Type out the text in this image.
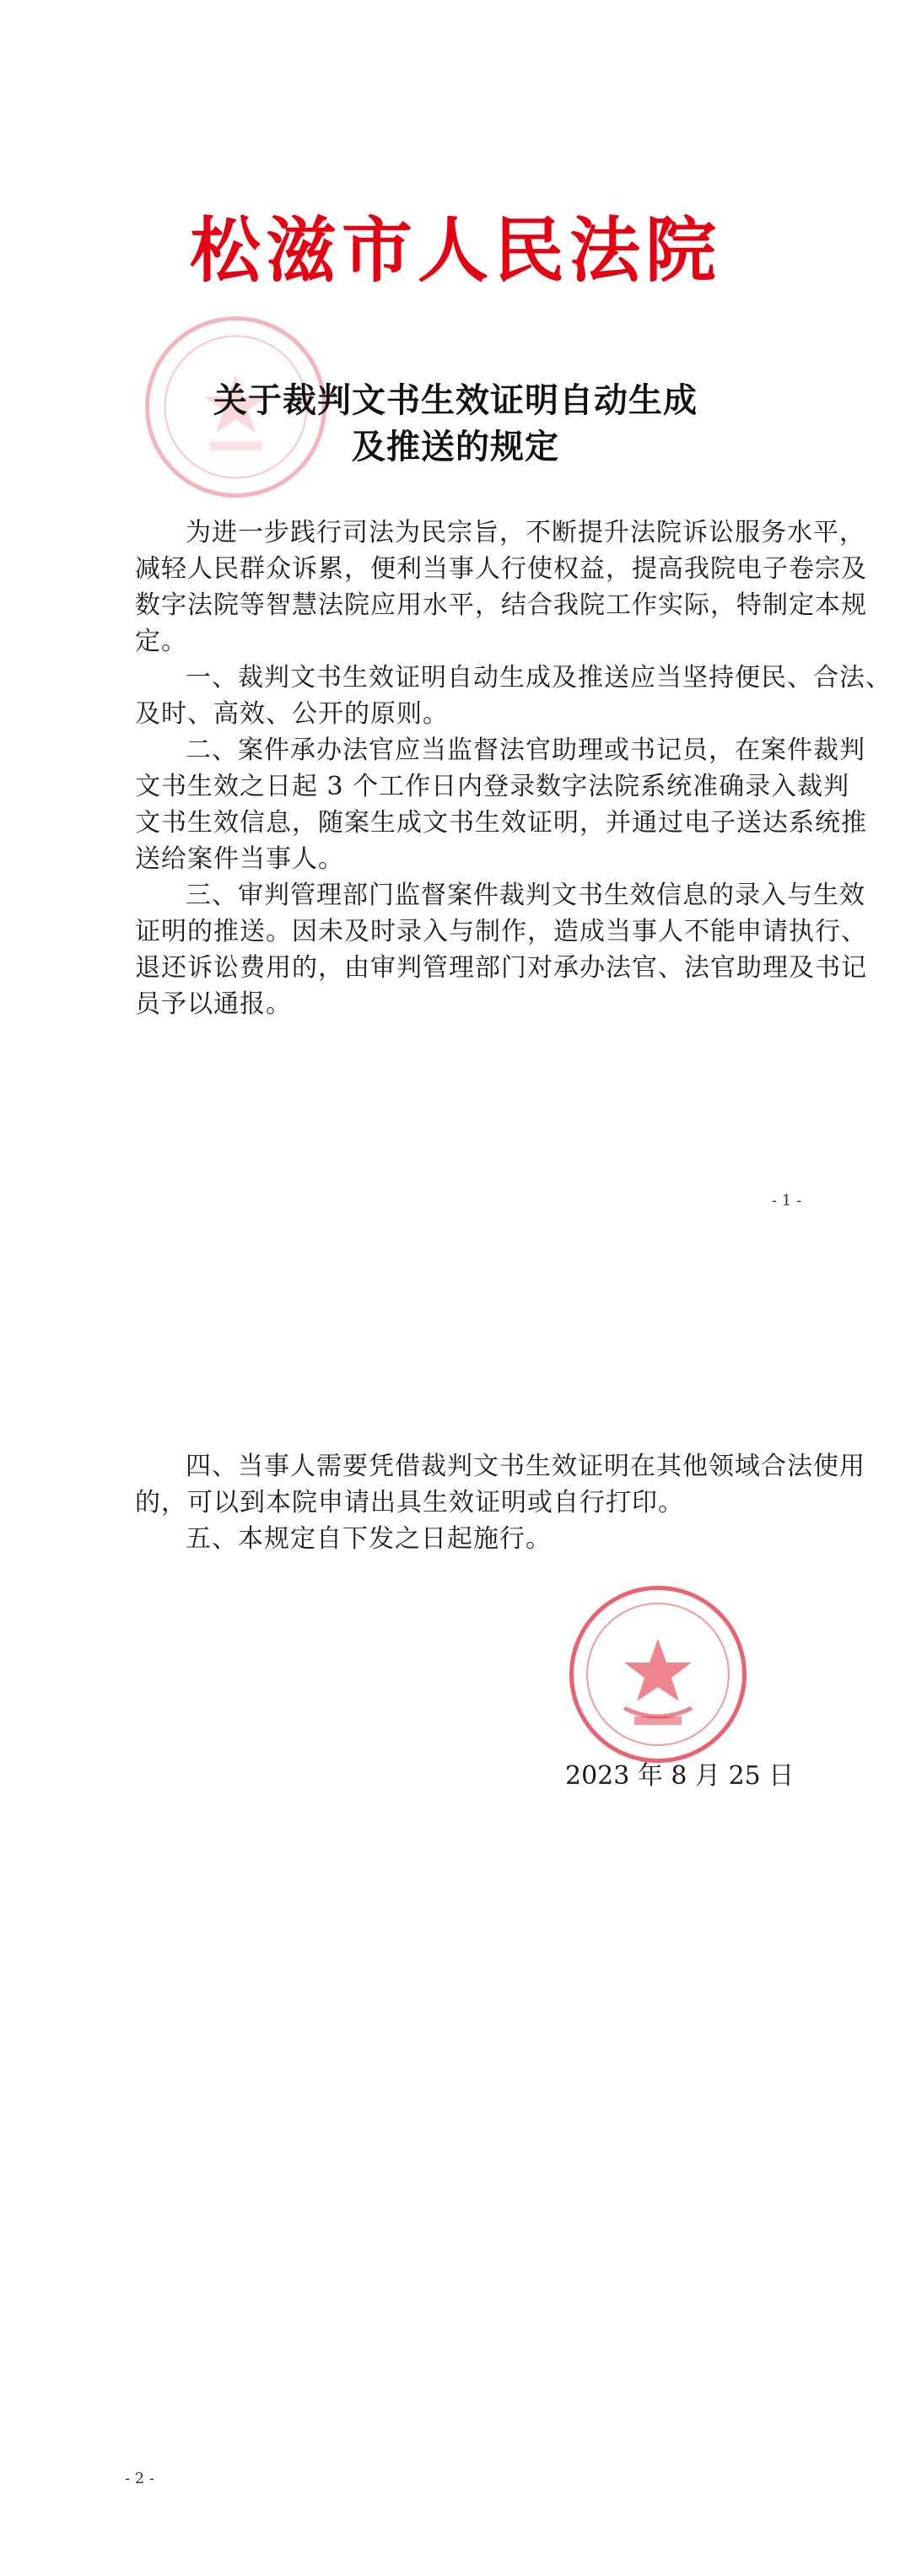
松滋市人民法院
关于裁判文书生效证明自动生成
及推送的规定
为进一步践行司法为民宗旨，不断提升法院诉讼服务水平，
减轻人民群众诉累，便利当事人行使权益，提高我院电子卷宗及
数字法院等智慧法院应用水平，结合我院工作实际，特制定本规
定。
一、裁判文书生效证明自动生成及推送应当坚持便民、合法、
及时、高效、公开的原则。
二、案件承办法官应当监督法官助理或书记员，在案件裁判
文书生效之日起 3 个工作日内登录数字法院系统准确录入裁判
文书生效信息，随案生成文书生效证明，并通过电子送达系统推
送给案件当事人。
三、审判管理部门监督案件裁判文书生效信息的录入与生效
证明的推送。因未及时录入与制作，造成当事人不能申请执行、
退还诉讼费用的，由审判管理部门对承办法官、法官助理及书记
员予以通报。
- 1 -
四、当事人需要凭借裁判文书生效证明在其他领域合法使用
的，可以到本院申请出具生效证明或自行打印。
五、本规定自下发之日起施行。
- 2 -
2023 年 8 月 25 日
